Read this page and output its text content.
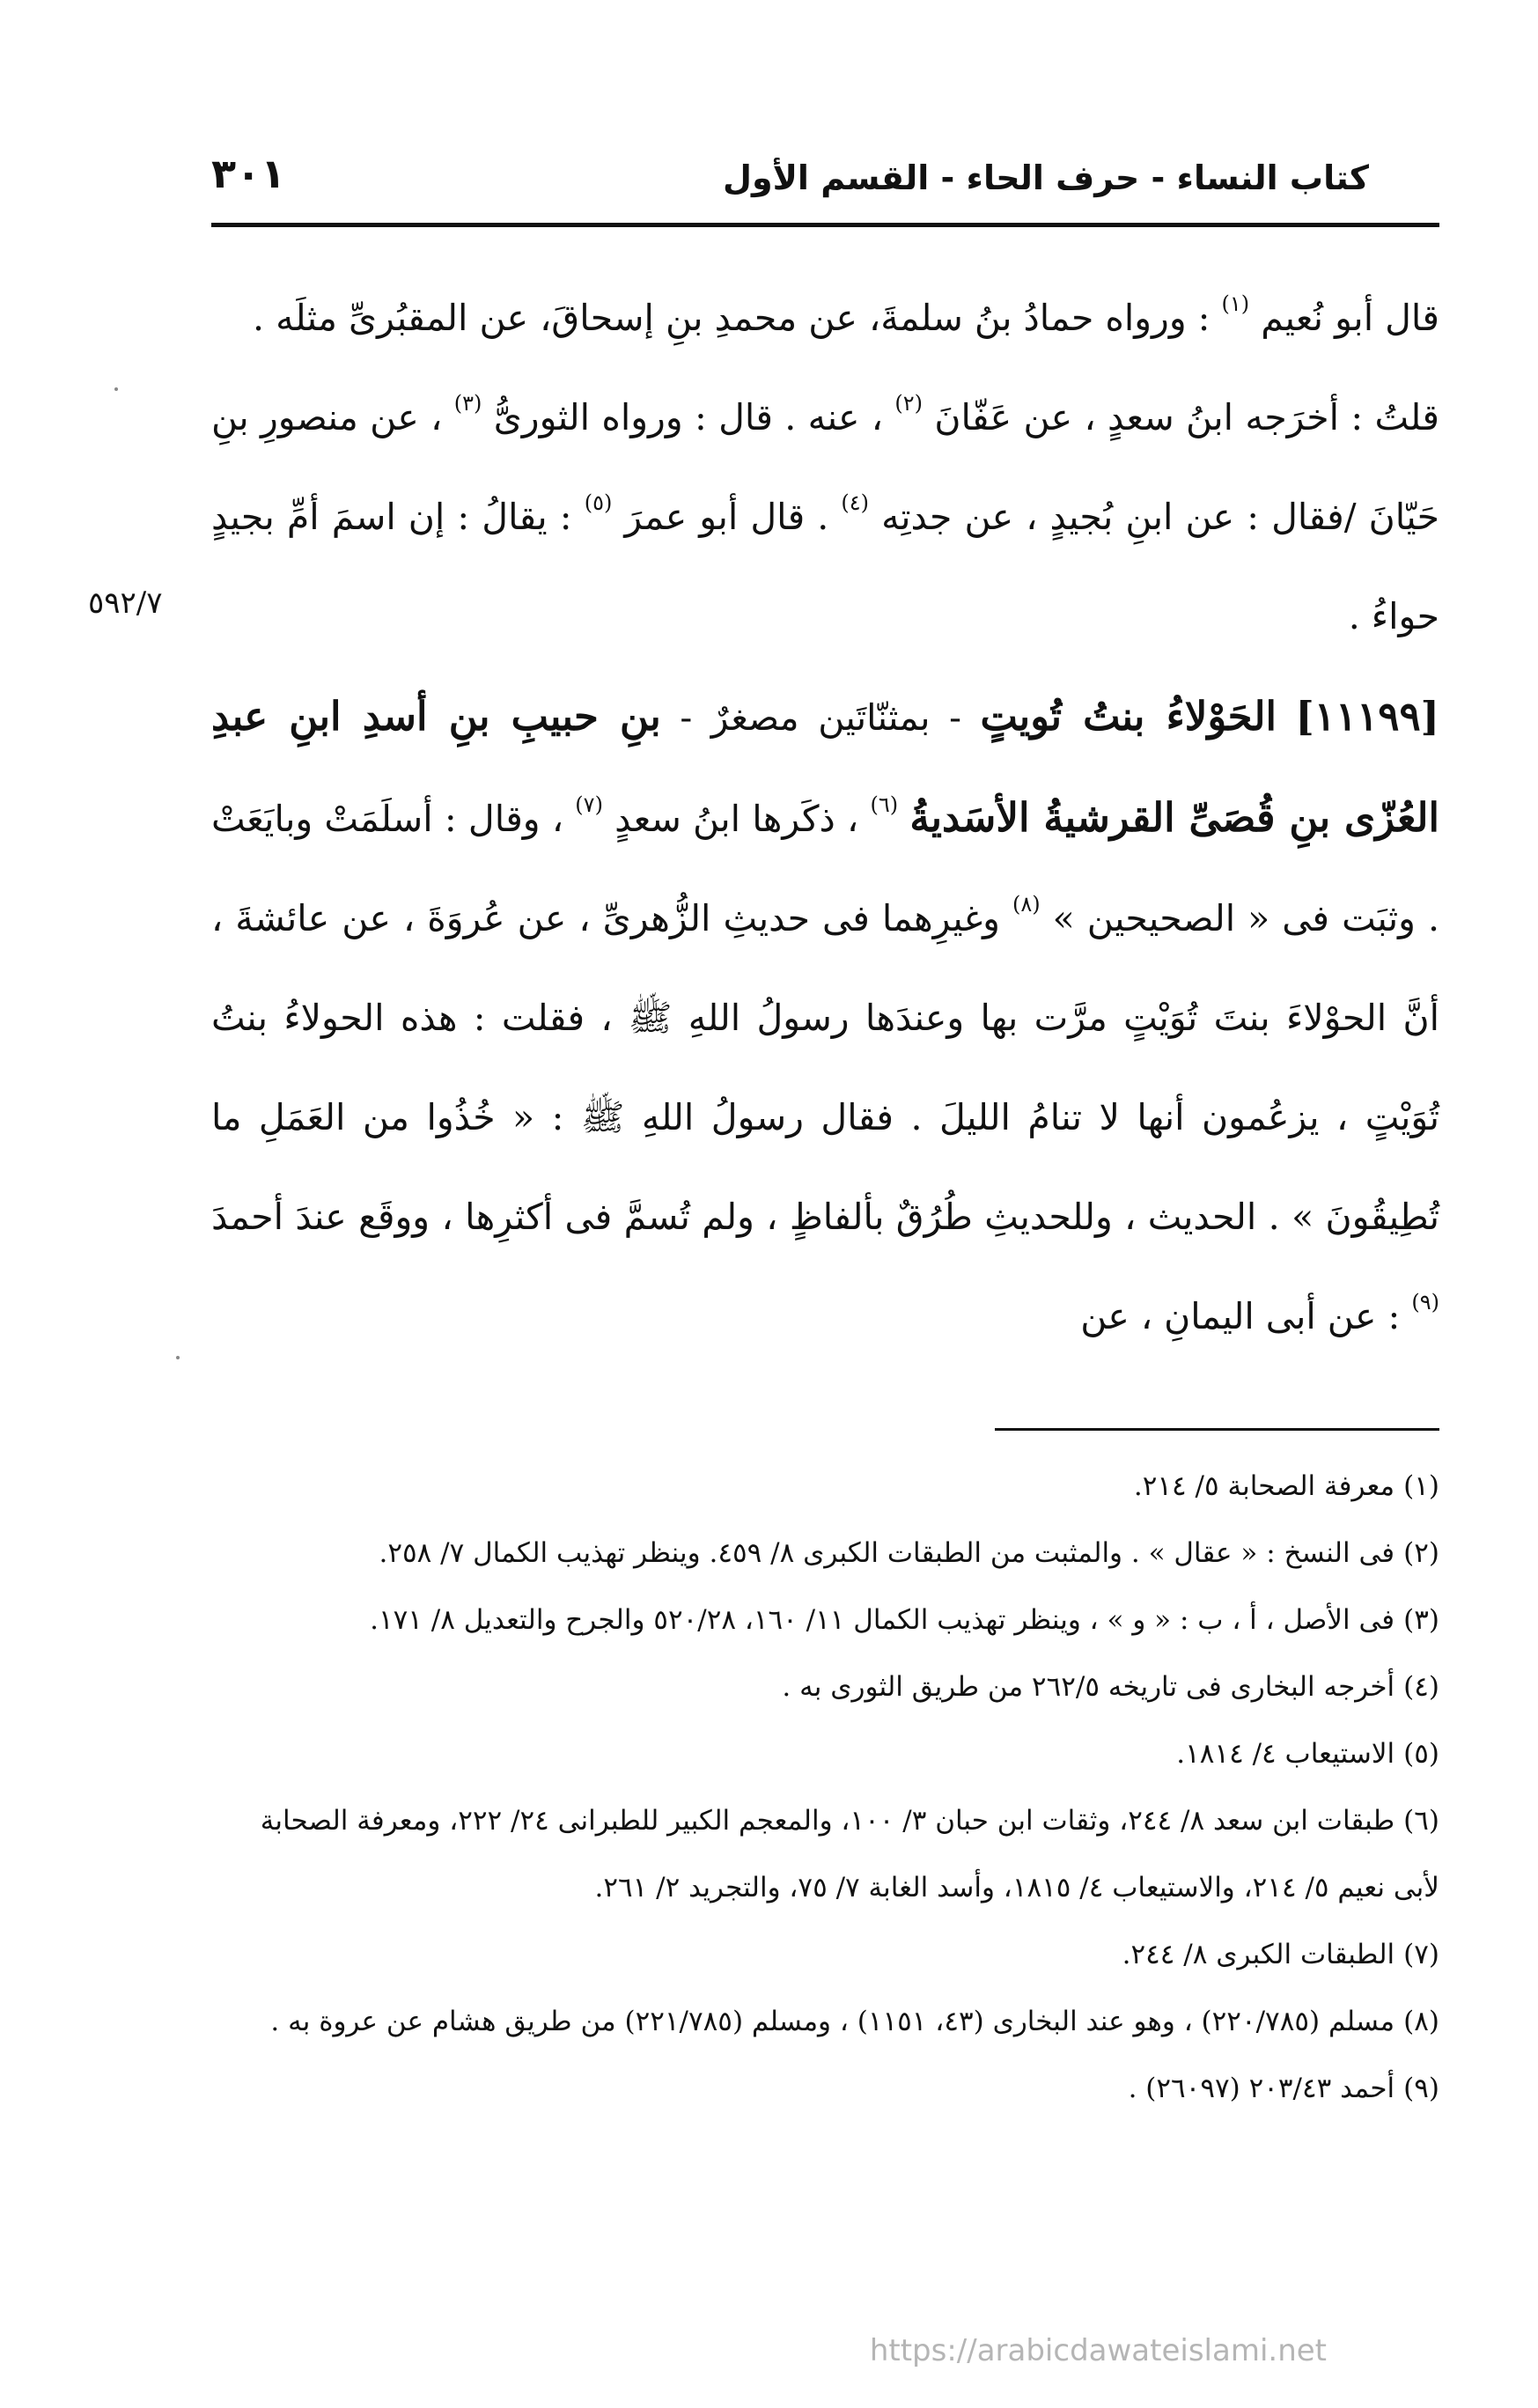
كتاب النساء - حرف الحاء - القسم الأول
٣٠١
٥٩٢/٧

قال أبو نُعيم $^{(١)}$ : ورواه حمادُ بنُ سلمةَ، عن محمدِ بنِ إسحاقَ، عن المقبُرىِّ مثلَه .

قلتُ : أخرَجه ابنُ سعدٍ ، عن عَفّانَ $^{(٢)}$ ، عنه . قال : ورواه الثورىُّ $^{(٣)}$ ، عن منصورِ بنِ حَيّانَ /فقال : عن ابنِ بُجيدٍ ، عن جدتِه $^{(٤)}$ . قال أبو عمرَ $^{(٥)}$ : يقالُ : إن اسمَ أمِّ بجيدٍ حواءُ .

[١١١٩٩] الحَوْلاءُ بنتُ تُويتٍ - بمثنّاتَين مصغرٌ - بنِ حبيبِ بنِ أسدِ ابنِ عبدِ العُزّى بنِ قُصَىِّ القرشيةُ الأسَديةُ $^{(٦)}$ ، ذكَرها ابنُ سعدٍ $^{(٧)}$ ، وقال : أسلَمَتْ وبايَعَتْ . وثبَت فى « الصحيحين » $^{(٨)}$ وغيرِهما فى حديثِ الزُّهرىِّ ، عن عُروَةَ ، عن عائشةَ ، أنَّ الحوْلاءَ بنتَ تُوَيْتٍ مرَّت بها وعندَها رسولُ اللهِ ﷺ ، فقلت : هذه الحولاءُ بنتُ تُوَيْتٍ ، يزعُمون أنها لا تنامُ الليلَ . فقال رسولُ اللهِ ﷺ : « خُذُوا من العَمَلِ ما تُطِيقُونَ » . الحديث ، وللحديثِ طُرُقٌ بألفاظٍ ، ولم تُسمَّ فى أكثرِها ، ووقَع عندَ أحمدَ $^{(٩)}$ : عن أبى اليمانِ ، عن

(١)معرفة الصحابة ٥/ ٢١٤.

(٢)فى النسخ : « عقال » . والمثبت من الطبقات الكبرى ٨/ ٤٥٩. وينظر تهذيب الكمال ٧/ ٢٥٨.

(٣)فى الأصل ، أ ، ب : « و » ، وينظر تهذيب الكمال ١١/ ١٦٠، ٥٢٠/٢٨ والجرح والتعديل ٨/ ١٧١.

(٤)أخرجه البخارى فى تاريخه ٢٦٢/٥ من طريق الثورى به .

(٥)الاستيعاب ٤/ ١٨١٤.

(٦)طبقات ابن سعد ٨/ ٢٤٤، وثقات ابن حبان ٣/ ١٠٠، والمعجم الكبير للطبرانى ٢٤/ ٢٢٢، ومعرفة الصحابة لأبى نعيم ٥/ ٢١٤، والاستيعاب ٤/ ١٨١٥، وأسد الغابة ٧/ ٧٥، والتجريد ٢/ ٢٦١.

(٧)الطبقات الكبرى ٨/ ٢٤٤.

(٨)مسلم (٢٢٠/٧٨٥) ، وهو عند البخارى (٤٣، ١١٥١) ، ومسلم (٢٢١/٧٨٥) من طريق هشام عن عروة به .

(٩)أحمد ٢٠٣/٤٣ (٢٦٠٩٧) .

https://arabicdawateislami.net
